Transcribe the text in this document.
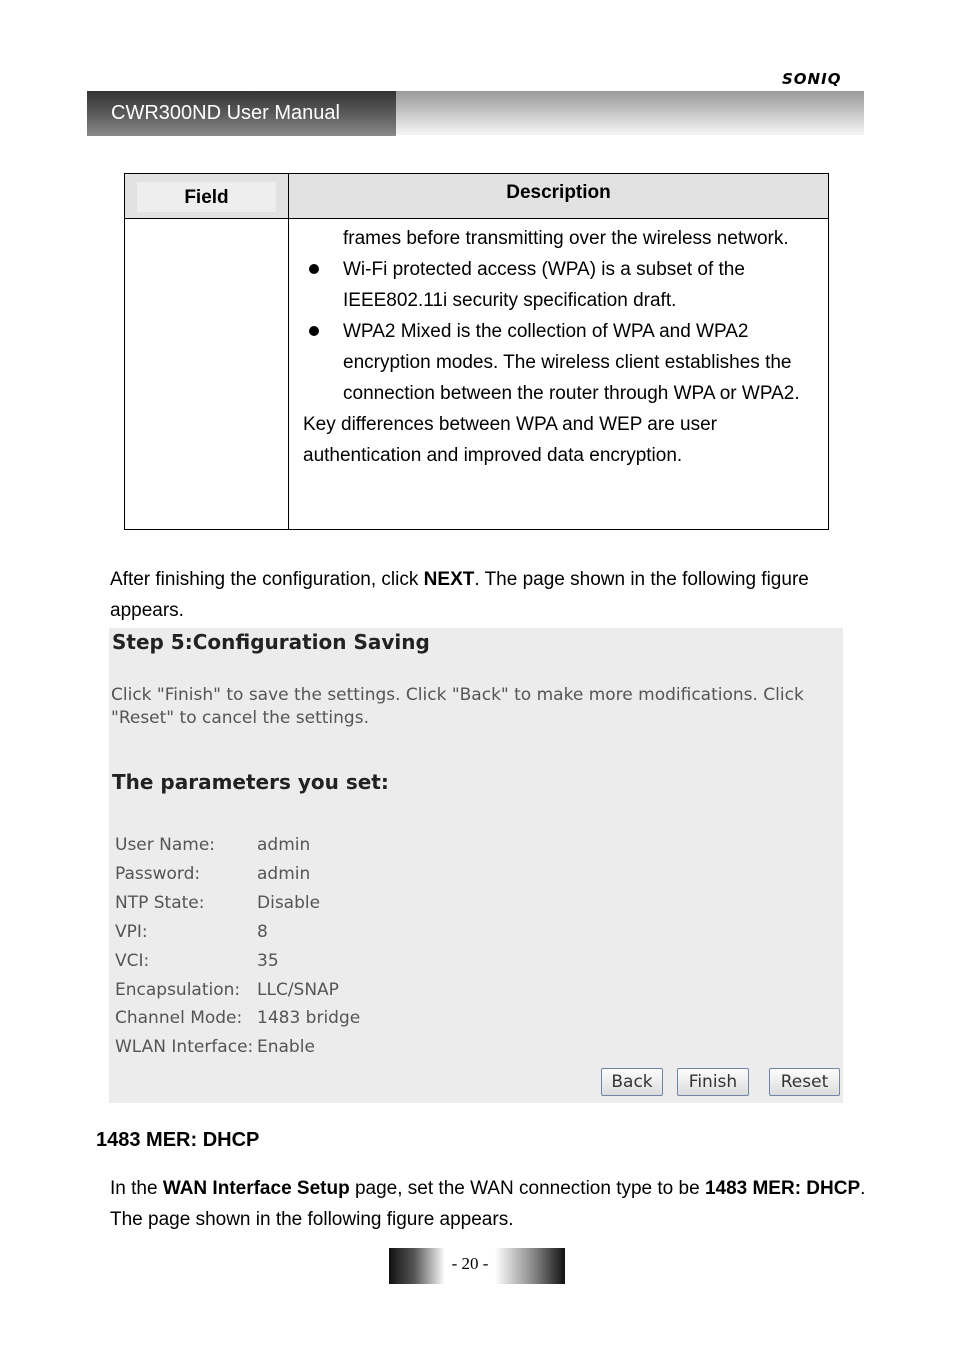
SONIQ
CWR300ND User Manual
Field	Description

	frames before transmitting over the wireless network.
Wi-Fi protected access (WPA) is a subset of the IEEE802.11i security specification draft.
WPA2 Mixed is the collection of WPA and WPA2 encryption modes. The wireless client establishes the connection between the router through WPA or WPA2.
Key differences between WPA and WEP are user authentication and improved data encryption.
After finishing the configuration, click NEXT. The page shown in the following figure appears.
Step 5:Configuration Saving
Click "Finish" to save the settings. Click "Back" to make more modifications. Click "Reset" to cancel the settings.
The parameters you set:
User Name:	admin
Password:	admin
NTP State:	Disable
VPI:	8
VCI:	35
Encapsulation: LLC/SNAP
Channel Mode: 1483 bridge
WLAN Interface: Enable
Back	Finish	Reset
1483 MER: DHCP
In the WAN Interface Setup page, set the WAN connection type to be 1483 MER: DHCP. The page shown in the following figure appears.
- 20 -
